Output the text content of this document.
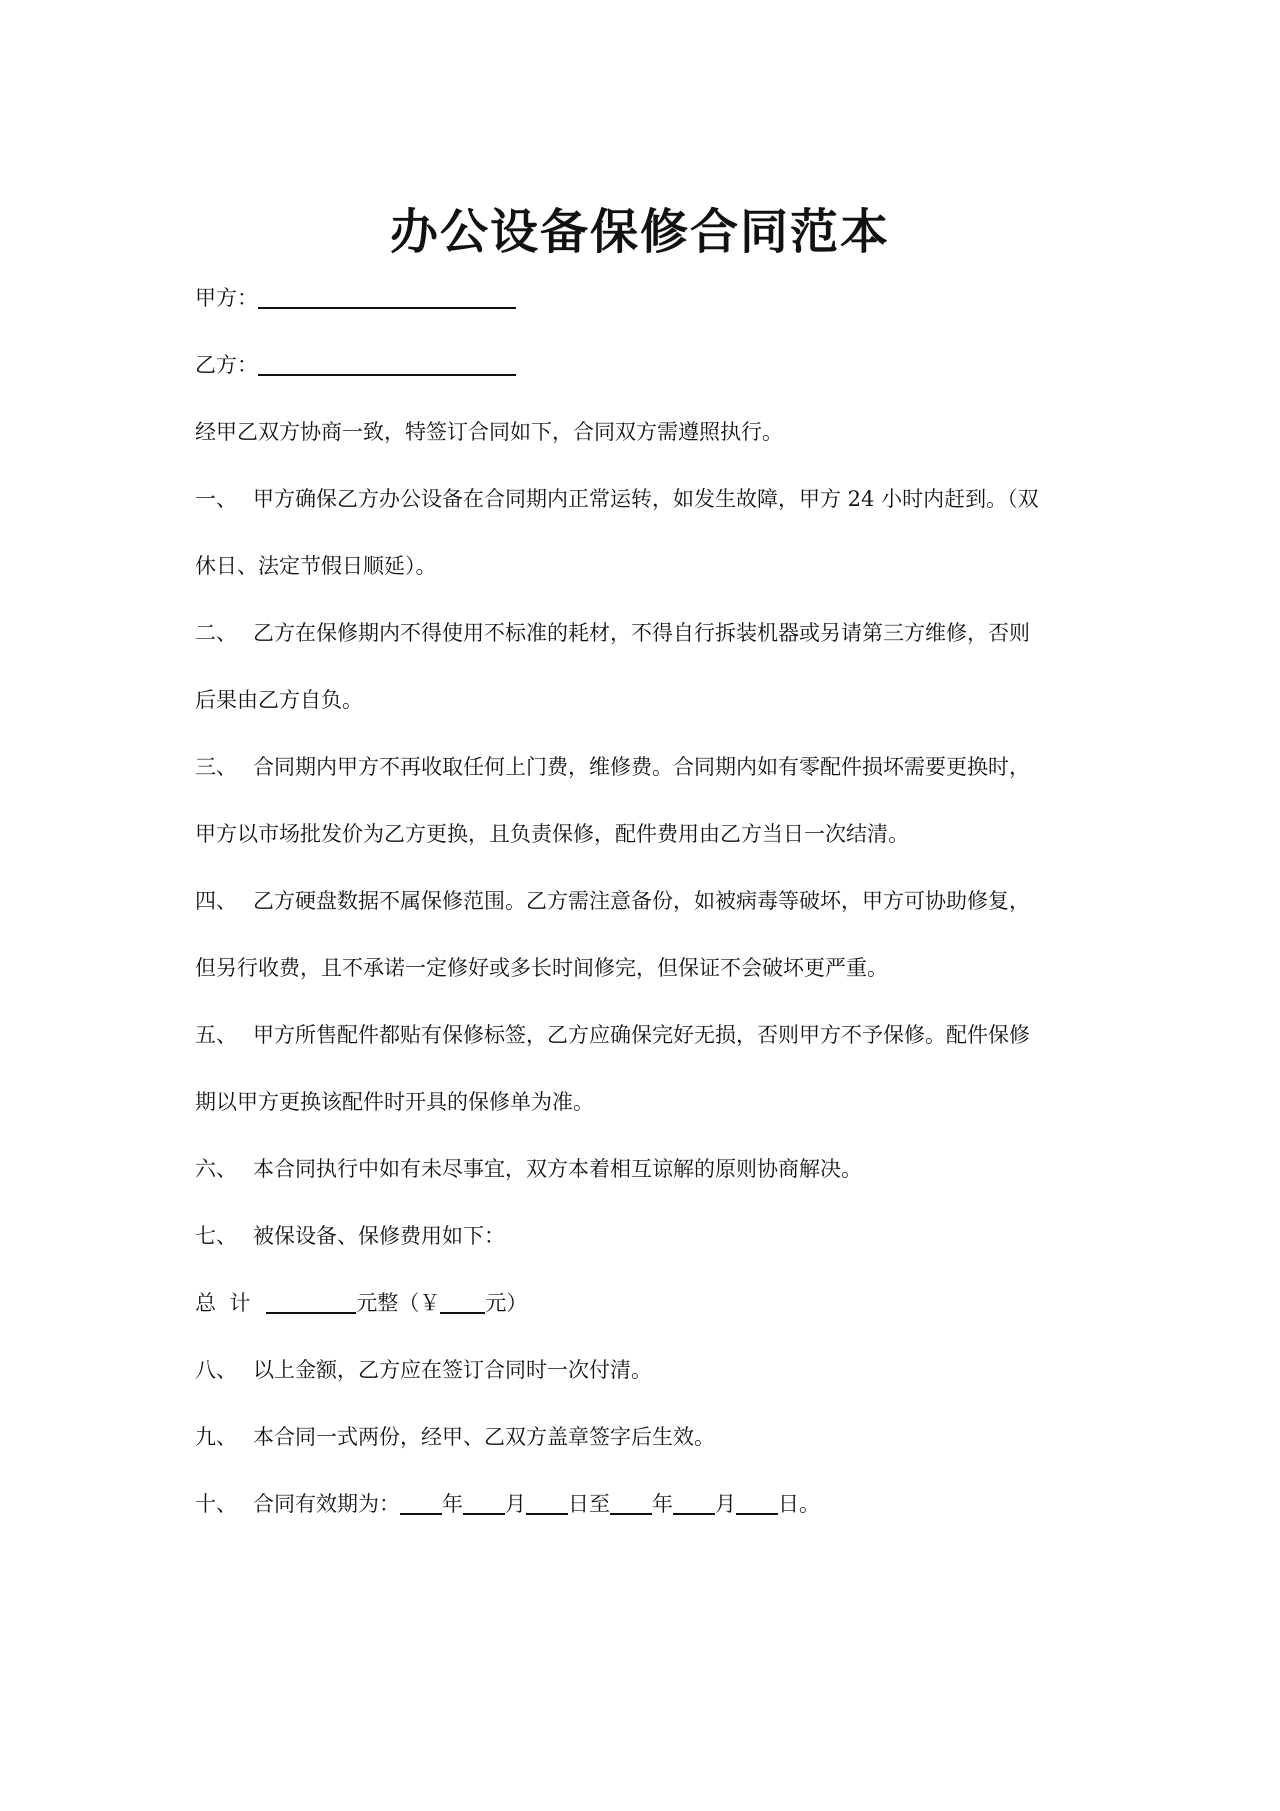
办公设备保修合同范本
甲方：
乙方：
经甲乙双方协商一致，特签订合同如下，合同双方需遵照执行。
一、 甲方确保乙方办公设备在合同期内正常运转，如发生故障，甲方 24 小时内赶到。（双
休日、法定节假日顺延）。
二、 乙方在保修期内不得使用不标准的耗材，不得自行拆装机器或另请第三方维修，否则
后果由乙方自负。
三、 合同期内甲方不再收取任何上门费，维修费。合同期内如有零配件损坏需要更换时，
甲方以市场批发价为乙方更换，且负责保修，配件费用由乙方当日一次结清。
四、 乙方硬盘数据不属保修范围。乙方需注意备份，如被病毒等破坏，甲方可协助修复，
但另行收费，且不承诺一定修好或多长时间修完，但保证不会破坏更严重。
五、 甲方所售配件都贴有保修标签，乙方应确保完好无损，否则甲方不予保修。配件保修
期以甲方更换该配件时开具的保修单为准。
六、 本合同执行中如有未尽事宜，双方本着相互谅解的原则协商解决。
七、 被保设备、保修费用如下：
总  计	元整（￥ 元）
八、 以上金额，乙方应在签订合同时一次付清。
九、 本合同一式两份，经甲、乙双方盖章签字后生效。
十、 合同有效期为： 年 月 日至 年 月 日。
